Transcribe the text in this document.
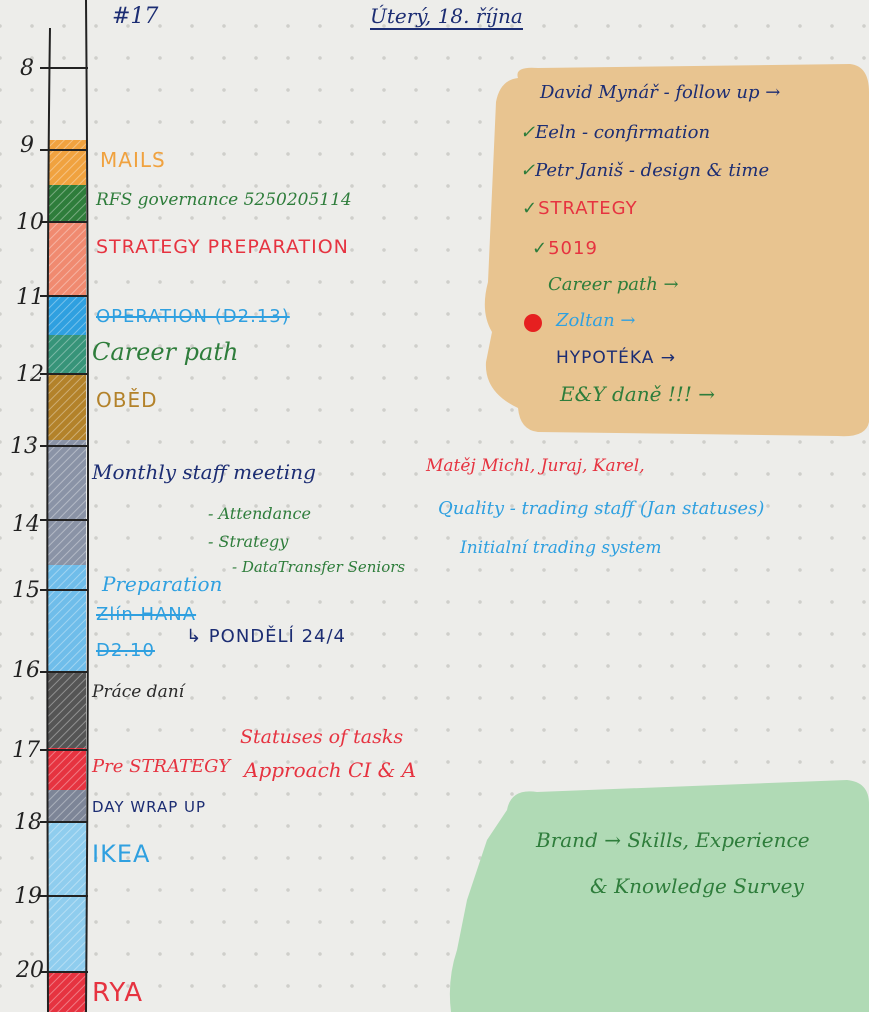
8
9
10
11
12
13
14
15
16
17
18
19
20
#17	Úterý, 18. října
MAILS
RFS governance 5250205114
STRATEGY PREPARATION
OPERATION (D2.13)
Career path
OBĚD
Monthly staff meeting
- Attendance
- Strategy
- DataTransfer Seniors
Preparation
Zlín HANA
D2.10
↳ PONDĚLÍ 24/4
Práce daní
Pre STRATEGY
DAY WRAP UP
IKEA
RYA
Matěj Michl, Juraj, Karel,
Quality - trading staff (Jan statuses)
Initialní trading system
Statuses of tasks
Approach CI & A
David Mynář - follow up →
✓Eeln - confirmation
✓Petr Janiš - design & time
✓STRATEGY
✓5019
Career path →
Zoltan →
HYPOTÉKA →
E&Y daně !!! →
Brand → Skills, Experience
& Knowledge Survey
